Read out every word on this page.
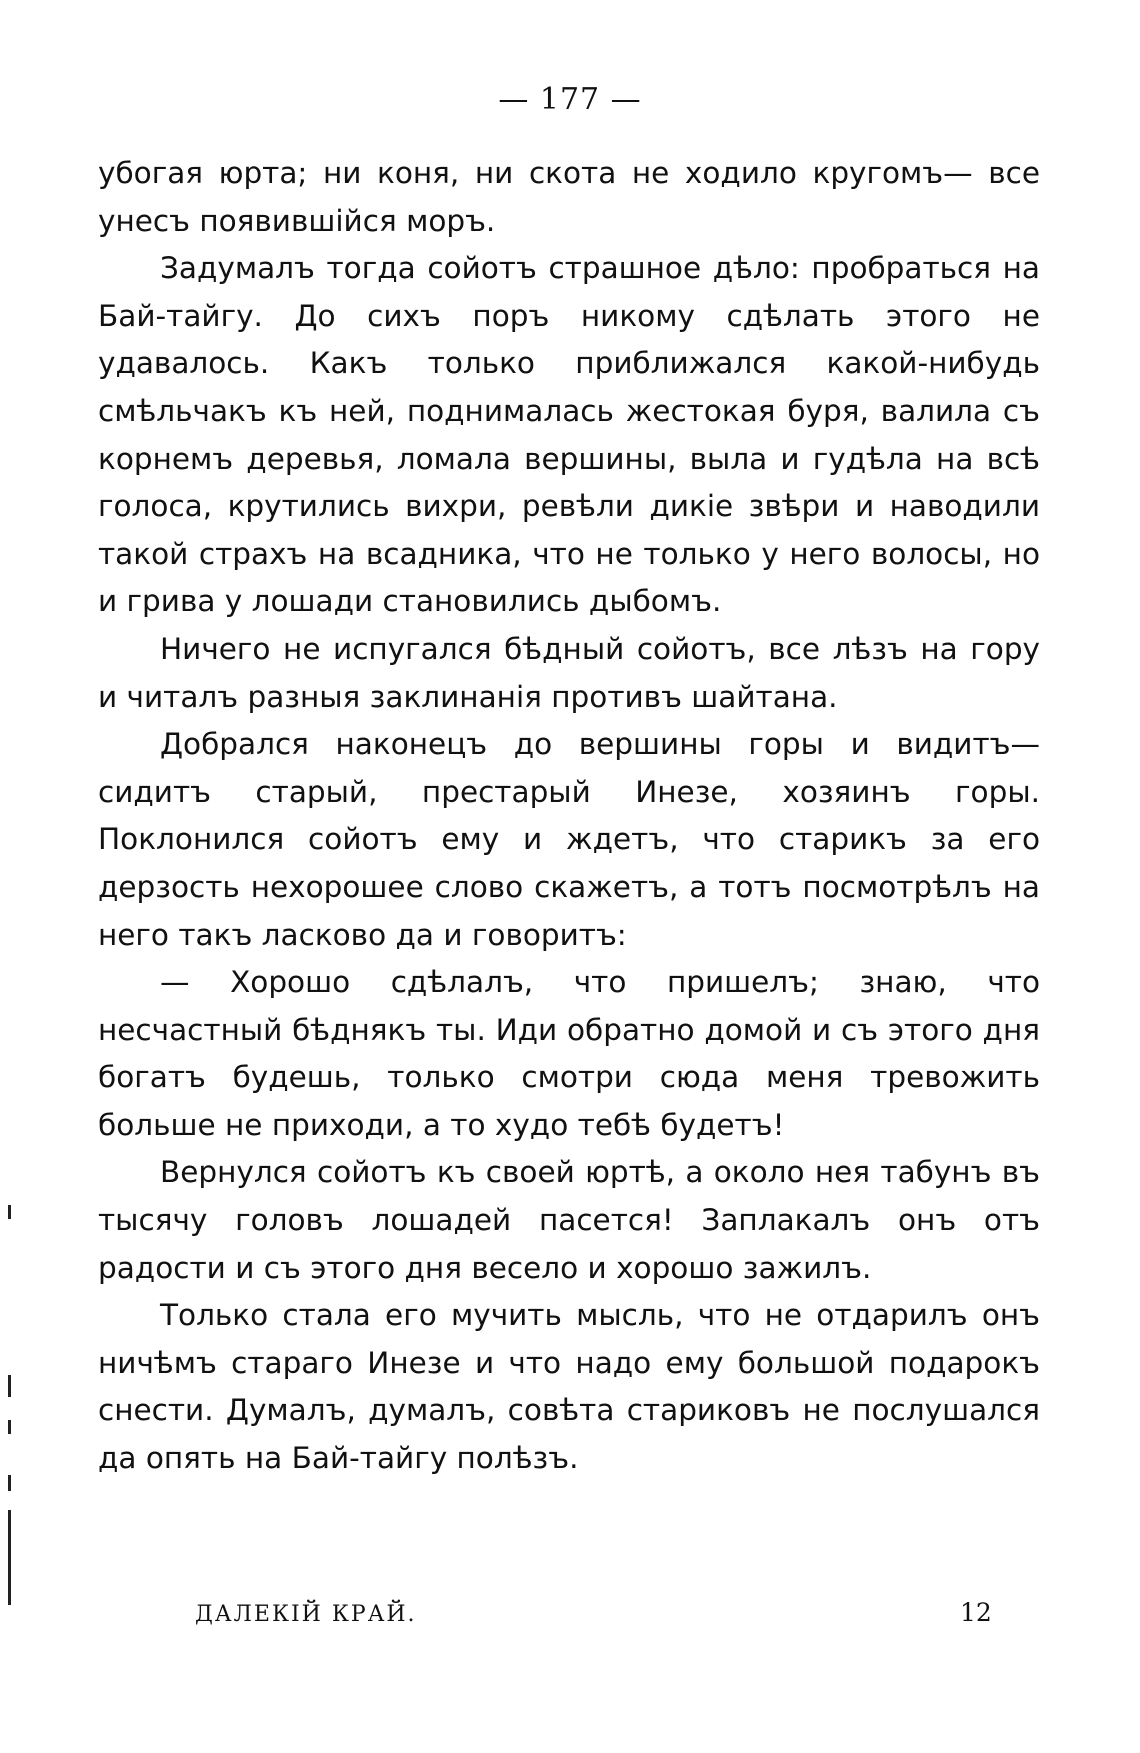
— 177 —

убогая юрта; ни коня, ни скота не ходило кругомъ— все унесъ появившійся моръ.

Задумалъ тогда сойотъ страшное дѣло: пробраться на Бай-тайгу. До сихъ поръ никому сдѣлать этого не удавалось. Какъ только приближался какой-нибудь смѣльчакъ къ ней, поднималась жестокая буря, валила съ корнемъ деревья, ломала вершины, выла и гудѣла на всѣ голоса, крутились вихри, ревѣли дикіе звѣри и наводили такой страхъ на всадника, что не только у него волосы, но и грива у лошади становились дыбомъ.

Ничего не испугался бѣдный сойотъ, все лѣзъ на гору и читалъ разныя заклинанія противъ шайтана.

Добрался наконецъ до вершины горы и видитъ— сидитъ старый, престарый Инезе, хозяинъ горы. Поклонился сойотъ ему и ждетъ, что старикъ за его дерзость нехорошее слово скажетъ, а тотъ посмотрѣлъ на него такъ ласково да и говоритъ:

— Хорошо сдѣлалъ, что пришелъ; знаю, что несчастный бѣднякъ ты. Иди обратно домой и съ этого дня богатъ будешь, только смотри сюда меня тревожить больше не приходи, а то худо тебѣ будетъ!

Вернулся сойотъ къ своей юртѣ, а около нея табунъ въ тысячу головъ лошадей пасется! Заплакалъ онъ отъ радости и съ этого дня весело и хорошо зажилъ.

Только стала его мучить мысль, что не отдарилъ онъ ничѣмъ стараго Инезе и что надо ему большой подарокъ снести. Думалъ, думалъ, совѣта стариковъ не послушался да опять на Бай-тайгу полѣзъ.

ДАЛЕКІЙ КРАЙ.	12
